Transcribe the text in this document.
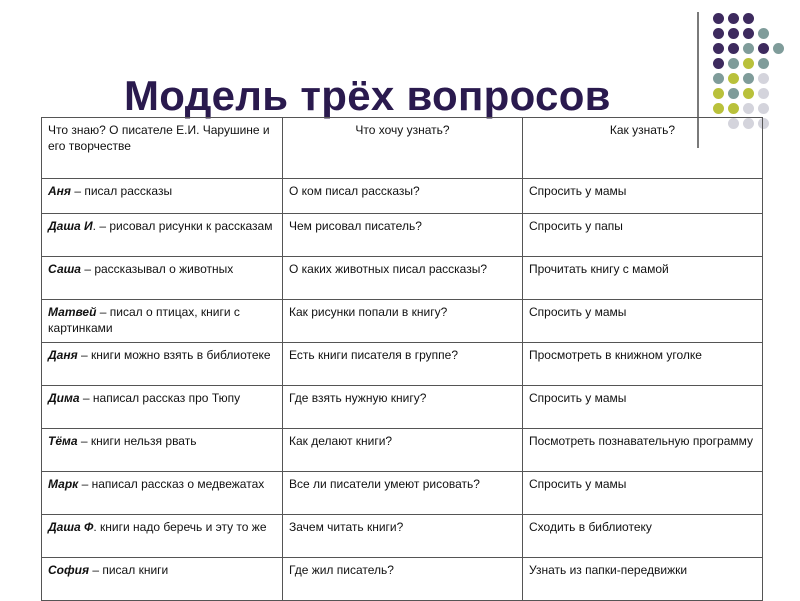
Модель трёх вопросов
Что знаю? О писателе Е.И. Чарушине и его творчестве	Что хочу узнать?	Как узнать?
Аня – писал рассказы	О ком писал рассказы?	Спросить у мамы
Даша И. – рисовал рисунки к рассказам	Чем рисовал писатель?	Спросить у папы
Саша – рассказывал о животных	О каких животных писал рассказы?	Прочитать книгу с мамой
Матвей – писал о птицах, книги с картинками	Как рисунки попали в книгу?	Спросить у мамы
Даня – книги можно взять в библиотеке	Есть книги писателя в группе?	Просмотреть в книжном уголке
Дима – написал рассказ про Тюпу	Где взять нужную книгу?	Спросить у мамы
Тёма – книги нельзя рвать	Как делают книги?	Посмотреть познавательную программу
Марк – написал рассказ о медвежатах	Все ли писатели умеют рисовать?	Спросить у мамы
Даша Ф. книги надо беречь и эту то же	Зачем читать книги?	Сходить в библиотеку
София – писал книги	Где жил писатель?	Узнать из папки-передвижки
